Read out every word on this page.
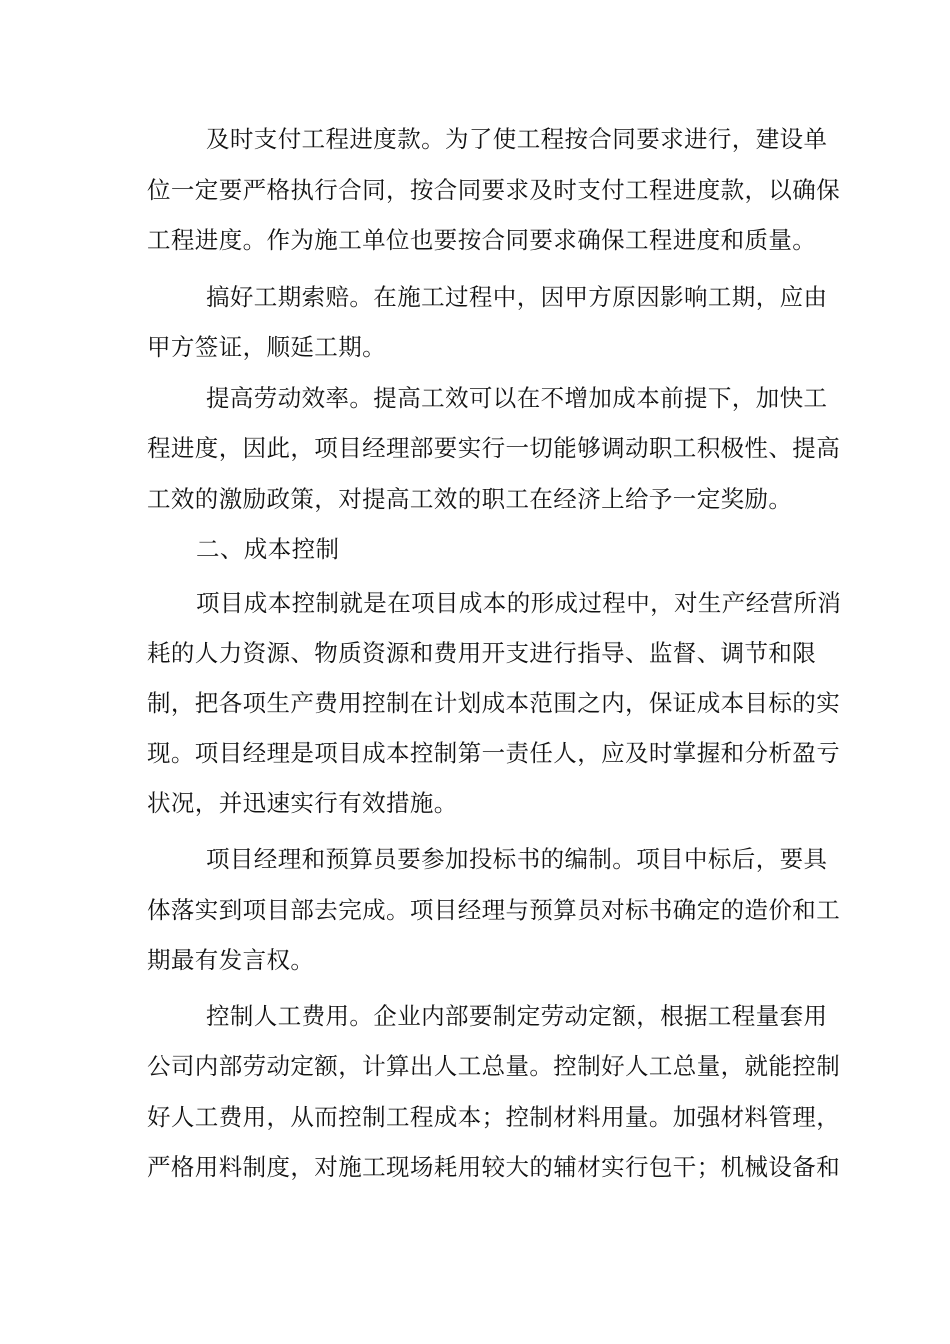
及时支付工程进度款。为了使工程按合同要求进行，建设单
位一定要严格执行合同，按合同要求及时支付工程进度款，以确保
工程进度。作为施工单位也要按合同要求确保工程进度和质量。
搞好工期索赔。在施工过程中，因甲方原因影响工期，应由
甲方签证，顺延工期。
提高劳动效率。提高工效可以在不增加成本前提下，加快工
程进度，因此，项目经理部要实行一切能够调动职工积极性、提高
工效的激励政策，对提高工效的职工在经济上给予一定奖励。
二、成本控制
项目成本控制就是在项目成本的形成过程中，对生产经营所消
耗的人力资源、物质资源和费用开支进行指导、监督、调节和限
制，把各项生产费用控制在计划成本范围之内，保证成本目标的实
现。项目经理是项目成本控制第一责任人，应及时掌握和分析盈亏
状况，并迅速实行有效措施。
项目经理和预算员要参加投标书的编制。项目中标后，要具
体落实到项目部去完成。项目经理与预算员对标书确定的造价和工
期最有发言权。
控制人工费用。企业内部要制定劳动定额，根据工程量套用
公司内部劳动定额，计算出人工总量。控制好人工总量，就能控制
好人工费用，从而控制工程成本；控制材料用量。加强材料管理，
严格用料制度，对施工现场耗用较大的辅材实行包干；机械设备和
